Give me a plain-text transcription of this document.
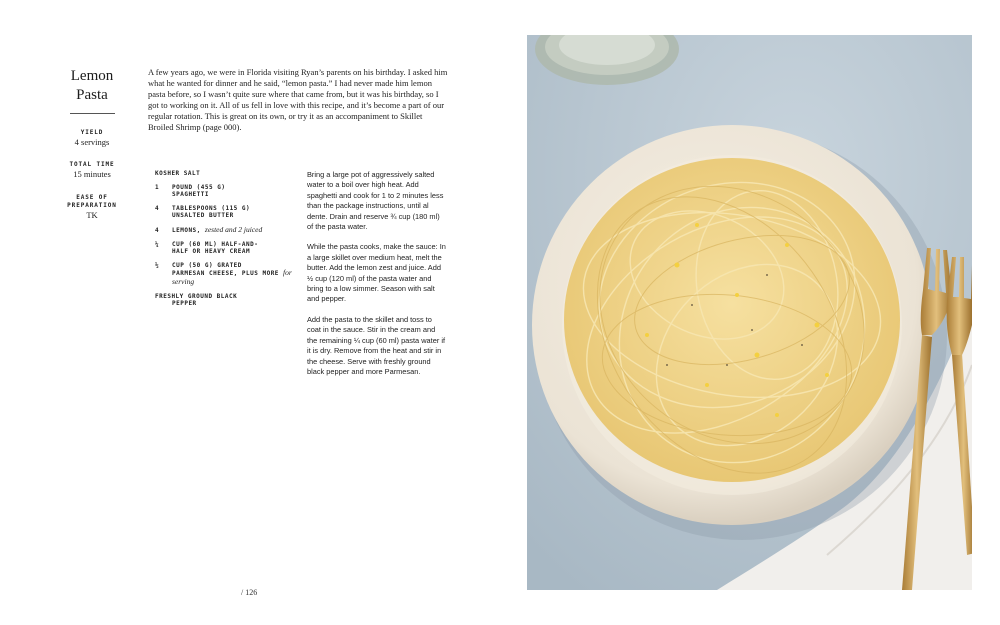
Lemon
Pasta
YIELD
4 servings
TOTAL TIME
15 minutes
EASE OF
PREPARATION
TK

A few years ago, we were in Florida visiting Ryan’s parents on his birthday. I asked him what he wanted for dinner and he said, “lemon pasta.” I had never made him lemon pasta before, so I wasn’t quite sure where that came from, but it was his birthday, so I got to working on it. All of us fell in love with this recipe, and it’s become a part of our regular rotation. This is great on its own, or try it as an accompaniment to Skillet Broiled Shrimp (page 000).

KOSHER SALT
1 POUND (455 G)
SPAGHETTI
4 TABLESPOONS (115 G)
UNSALTED BUTTER
4 LEMONS, zested and 2 juiced
¼ CUP (60 ML) HALF-AND-
HALF OR HEAVY CREAM
½ CUP (50 G) GRATED
PARMESAN CHEESE, PLUS MORE for serving
FRESHLY GROUND BLACK
PEPPER

Bring a large pot of aggressively salted water to a boil over high heat. Add spaghetti and cook for 1 to 2 minutes less than the package instructions, until al dente. Drain and reserve ¾ cup (180 ml) of the pasta water.

While the pasta cooks, make the sauce: In a large skillet over medium heat, melt the butter. Add the lemon zest and juice. Add ½ cup (120 ml) of the pasta water and bring to a low simmer. Season with salt and pepper.

Add the pasta to the skillet and toss to coat in the sauce. Stir in the cream and the remaining ¼ cup (60 ml) pasta water if it is dry. Remove from the heat and stir in the cheese. Serve with freshly ground black pepper and more Parmesan.

/ 126
